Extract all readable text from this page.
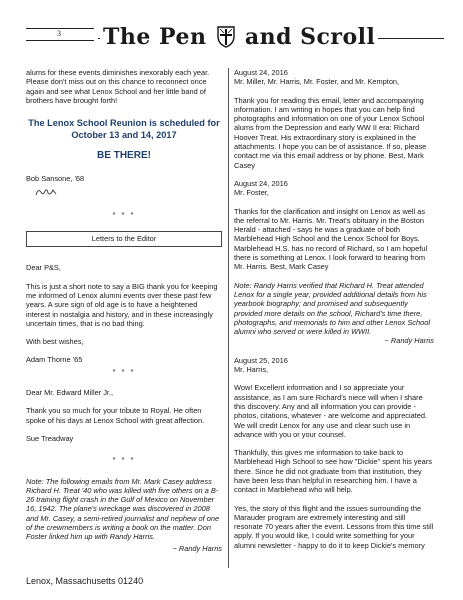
3 The Pen and Scroll

alums for these events diminishes inexorably each year. Please don't miss out on this chance to reconnect once again and see what Lenox School and her little band of brothers have brought forth!

The Lenox School Reunion is scheduled for October 13 and 14, 2017
BE THERE!

Bob Sansone, '68

* * *
Letters to the Editor

Dear P&S,

This is just a short note to say a BIG thank you for keeping me informed of Lenox alumni events over these past few years. A sure sign of old age is to have a heightened interest in nostalgia and history, and in these increasingly uncertain times, that is no bad thing.

With best wishes,

Adam Thorne '65

* * *

Dear Mr. Edward Miller Jr.,

Thank you so much for your tribute to Royal. He often spoke of his days at Lenox School with great affection.

Sue Treadway

* * *

Note: The following emails from Mr. Mark Casey address Richard H. Treat '40 who was killed with five others on a B-26 training flight crash in the Gulf of Mexico on November 16, 1942. The plane's wreckage was discovered in 2008 and Mr. Casey, a semi-retired journalist and nephew of one of the crewmembers is writing a book on the matter. Don Foster linked him up with Randy Harris.

~ Randy Harris

August 24, 2016

Mr. Miller, Mr. Harris, Mr. Foster, and Mr. Kempton,

Thank you for reading this email, letter and accompanying information. I am writing in hopes that you can help find photographs and information on one of your Lenox School alums from the Depression and early WW II era: Richard Hoover Treat. His extraordinary story is explained in the attachments. I hope you can be of assistance. If so, please contact me via this email address or by phone. Best, Mark Casey

August 24, 2016

Mr. Foster,

Thanks for the clarification and insight on Lenox as well as the referral to Mr. Harris. Mr. Treat's obituary in the Boston Herald - attached - says he was a graduate of both Marblehead High School and the Lenox School for Boys. Marblehead H.S. has no record of Richard, so I am hopeful there is something at Lenox. I look forward to hearing from Mr. Harris. Best, Mark Casey

Note: Randy Harris verified that Richard H. Treat attended Lenox for a single year; provided additional details from his yearbook biography; and promised and subsequently provided more details on the school, Richard's time there, photographs, and memorials to him and other Lenox School alumni who served or were killed in WWII.

~ Randy Harris

August 25, 2016

Mr. Harris,

Wow! Excellent information and I so appreciate your assistance, as I am sure Richard's niece will when I share this discovery. Any and all information you can provide - photos, citations, whatever - are welcome and appreciated. We will credit Lenox for any use and clear such use in advance with you or your counsel.

Thankfully, this gives me information to take back to Marblehead High School to see how "Dickie" spent his years there. Since he did not graduate from that institution, they have been less than helpful in researching him. I have a contact in Marblehead who will help.

Yes, the story of this flight and the issues surrounding the Marauder program are extremely interesting and still resonate 70 years after the event. Lessons from this time still apply. If you would like, I could write something for your alumni newsletter - happy to do it to keep Dickie's memory

Lenox, Massachusetts 01240
